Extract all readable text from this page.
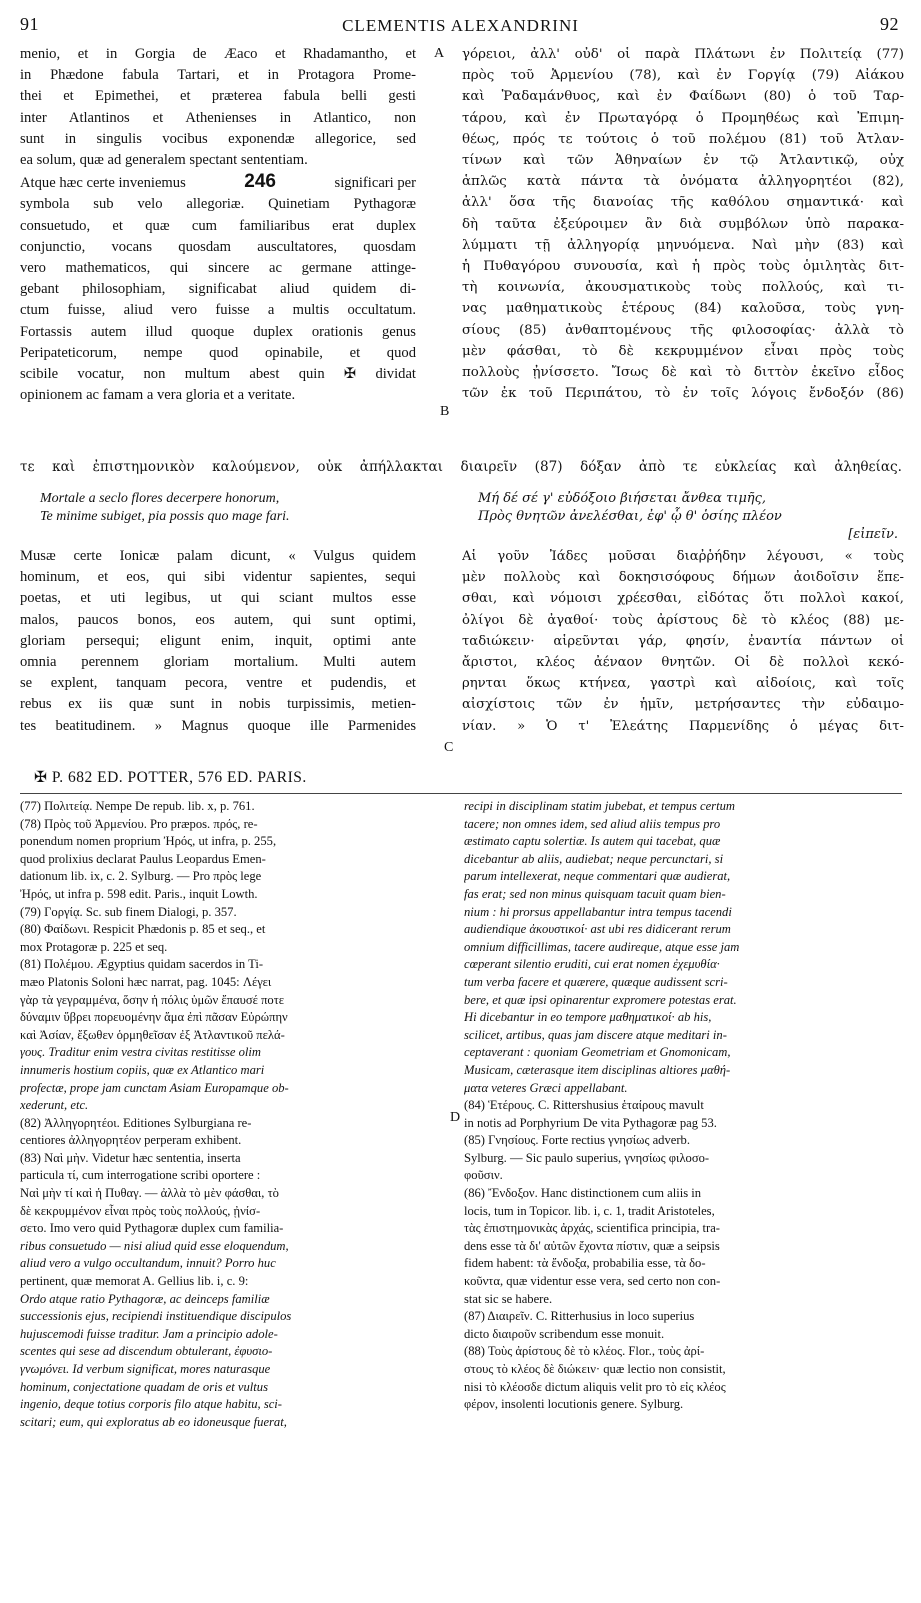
91	CLEMENTIS ALEXANDRINI	92
A
B
C
D
menio, et in Gorgia de Æaco et Rhadamantho, et
in Phædone fabula Tartari, et in Protagora Prome-
thei et Epimethei, et præterea fabula belli gesti
inter Atlantinos et Athenienses in Atlantico, non
sunt in singulis vocibus exponendæ allegorice, sed
ea solum, quæ ad generalem spectant sententiam.
Atque hæc certe inveniemus	246	significari per
symbola sub velo allegoriæ. Quinetiam Pythagoræ
consuetudo, et quæ cum familiaribus erat duplex
conjunctio, vocans quosdam auscultatores, quosdam
vero mathematicos, qui sincere ac germane attinge-
gebant philosophiam, significabat aliud quidem di-
ctum fuisse, aliud vero fuisse a multis occultatum.
Fortassis autem illud quoque duplex orationis genus
Peripateticorum, nempe quod opinabile, et quod
scibile vocatur, non multum abest quin ✠ dividat
opinionem ac famam a vera gloria et a veritate.
γόρειοι, ἀλλ' οὐδ' οἱ παρὰ Πλάτωνι ἐν Πολιτείᾳ (77)
πρὸς τοῦ Ἀρμενίου (78), καὶ ἐν Γοργίᾳ (79) Αἰάκου
καὶ Ῥαδαμάνθυος, καὶ ἐν Φαίδωνι (80) ὁ τοῦ Ταρ-
τάρου, καὶ ἐν Πρωταγόρᾳ ὁ Προμηθέως καὶ Ἐπιμη-
θέως, πρός τε τούτοις ὁ τοῦ πολέμου (81) τοῦ Ἀτλαν-
τίνων καὶ τῶν Ἀθηναίων ἐν τῷ Ἀτλαντικῷ, οὐχ
ἁπλῶς κατὰ πάντα τὰ ὀνόματα ἀλληγορητέοι (82),
ἀλλ' ὅσα τῆς διανοίας τῆς καθόλου σημαντικά· καὶ
δὴ ταῦτα ἐξεύροιμεν ἂν διὰ συμβόλων ὑπὸ παρακα-
λύμματι τῇ ἀλληγορίᾳ μηνυόμενα. Ναὶ μὴν (83) καὶ
ἡ Πυθαγόρου συνουσία, καὶ ἡ πρὸς τοὺς ὁμιλητὰς διτ-
τὴ κοινωνία, ἀκουσματικοὺς τοὺς πολλούς, καὶ τι-
νας μαθηματικοὺς ἑτέρους (84) καλοῦσα, τοὺς γνη-
σίους (85) ἀνθαπτομένους τῆς φιλοσοφίας· ἀλλὰ τὸ
μὲν φάσθαι, τὸ δὲ κεκρυμμένον εἶναι πρὸς τοὺς
πολλοὺς ᾐνίσσετο. Ἴσως δὲ καὶ τὸ διττὸν ἐκεῖνο εἶδος
τῶν ἐκ τοῦ Περιπάτου, τὸ ἐν τοῖς λόγοις ἔνδοξόν (86)
τε καὶ ἐπιστημονικὸν καλούμενον, οὐκ ἀπήλλακται διαιρεῖν (87) δόξαν ἀπὸ τε εὐκλείας καὶ ἀληθείας.
Mortale a seclo flores decerpere honorum,
Te minime subiget, pia possis quo mage fari.
Μή δέ σέ γ' εὐδόξοιο βιήσεται ἄνθεα τιμῆς,
Πρὸς θνητῶν ἀνελέσθαι, ἐφ' ᾧ θ' ὁσίης πλέον
[εἰπεῖν.
Musæ certe Ionicæ palam dicunt, « Vulgus quidem
hominum, et eos, qui sibi videntur sapientes, sequi
poetas, et uti legibus, ut qui sciant multos esse
malos, paucos bonos, eos autem, qui sunt optimi,
gloriam persequi; eligunt enim, inquit, optimi ante
omnia perennem gloriam mortalium. Multi autem
se explent, tanquam pecora, ventre et pudendis, et
rebus ex iis quæ sunt in nobis turpissimis, metien-
tes beatitudinem. » Magnus quoque ille Parmenides
Αἱ γοῦν Ἰάδες μοῦσαι διαῤῥήδην λέγουσι, « τοὺς
μὲν πολλοὺς καὶ δοκησισόφους δήμων ἀοιδοῖσιν ἕπε-
σθαι, καὶ νόμοισι χρέεσθαι, εἰδότας ὅτι πολλοὶ κακοί,
ὀλίγοι δὲ ἀγαθοί· τοὺς ἀρίστους δὲ τὸ κλέος (88) με-
ταδιώκειν· αἱρεῦνται γάρ, φησίν, ἐναντία πάντων οἱ
ἄριστοι, κλέος ἀέναον θνητῶν. Οἱ δὲ πολλοὶ κεκό-
ρηνται ὅκως κτήνεα, γαστρὶ καὶ αἰδοίοις, καὶ τοῖς
αἰσχίστοις τῶν ἐν ἡμῖν, μετρήσαντες τὴν εὐδαιμο-
νίαν. » Ὁ τ' Ἐλεάτης Παρμενίδης ὁ μέγας διτ-
✠ P. 682 ED. POTTER, 576 ED. PARIS.
(77) Πολιτείᾳ. Nempe De repub. lib. x, p. 761.
(78) Πρὸς τοῦ Ἀρμενίου. Pro præpos. πρός, re-
ponendum nomen proprium Ἠρός, ut infra, p. 255,
quod prolixius declarat Paulus Leopardus Emen-
dationum lib. ix, c. 2. Sylburg. — Pro πρὸς lege
Ἠρός, ut infra p. 598 edit. Paris., inquit Lowth.
(79) Γοργίᾳ. Sc. sub finem Dialogi, p. 357.
(80) Φαίδωνι. Respicit Phædonis p. 85 et seq., et
mox Protagoræ p. 225 et seq.
(81) Πολέμου. Ægyptius quidam sacerdos in Ti-
mæo Platonis Soloni hæc narrat, pag. 1045: Λέγει
γὰρ τὰ γεγραμμένα, ὅσην ἡ πόλις ὑμῶν ἔπαυσέ ποτε
δύναμιν ὕβρει πορευομένην ἅμα ἐπὶ πᾶσαν Εὐρώπην
καὶ Ἀσίαν, ἔξωθεν ὁρμηθεῖσαν ἐξ Ἀτλαντικοῦ πελά-
γους. Traditur enim vestra civitas restitisse olim
innumeris hostium copiis, quæ ex Atlantico mari
profectæ, prope jam cunctam Asiam Europamque ob-
xederunt, etc.
(82) Ἀλληγορητέοι. Editiones Sylburgiana re-
centiores ἀλληγορητέον perperam exhibent.
(83) Ναὶ μὴν. Videtur hæc sententia, inserta
particula τί, cum interrogatione scribi oportere :
Ναὶ μὴν τί καὶ ἡ Πυθαγ. — ἀλλὰ τὸ μὲν φάσθαι, τὸ
δὲ κεκρυμμένον εἶναι πρὸς τοὺς πολλούς, ᾐνίσ-
σετο. Imo vero quid Pythagoræ duplex cum familia-
ribus consuetudo — nisi aliud quid esse eloquendum,
aliud vero a vulgo occultandum, innuit? Porro huc
pertinent, quæ memorat A. Gellius lib. i, c. 9:
Ordo atque ratio Pythagoræ, ac deinceps familiæ
successionis ejus, recipiendi instituendique discipulos
hujuscemodi fuisse traditur. Jam a principio adole-
scentes qui sese ad discendum obtulerant, ἐφυσιο-
γνωμόνει. Id verbum significat, mores naturasque
hominum, conjectatione quadam de oris et vultus
ingenio, deque totius corporis filo atque habitu, sci-
scitari; eum, qui exploratus ab eo idoneusque fuerat,
recipi in disciplinam statim jubebat, et tempus certum
tacere; non omnes idem, sed aliud aliis tempus pro
æstimato captu solertiæ. Is autem qui tacebat, quæ
dicebantur ab aliis, audiebat; neque percunctari, si
parum intellexerat, neque commentari quæ audierat,
fas erat; sed non minus quisquam tacuit quam bien-
nium : hi prorsus appellabantur intra tempus tacendi
audiendique ἀκουστικοί· ast ubi res didicerant rerum
omnium difficillimas, tacere audireque, atque esse jam
cœperant silentio eruditi, cui erat nomen ἐχεμυθία·
tum verba facere et quærere, quæque audissent scri-
bere, et quæ ipsi opinarentur expromere potestas erat.
Hi dicebantur in eo tempore μαθηματικοί· ab his,
scilicet, artibus, quas jam discere atque meditari in-
ceptaverant : quoniam Geometriam et Gnomonicam,
Musicam, cæterasque item disciplinas altiores μαθή-
ματα veteres Græci appellabant.
(84) Ἑτέρους. C. Rittershusius ἑταίρους mavult
in notis ad Porphyrium De vita Pythagoræ pag 53.
(85) Γνησίους. Forte rectius γνησίως adverb.
Sylburg. — Sic paulo superius, γνησίως φιλοσο-
φοῦσιν.
(86) Ἔνδοξον. Hanc distinctionem cum aliis in
locis, tum in Topicor. lib. i, c. 1, tradit Aristoteles,
τὰς ἐπιστημονικὰς ἀρχάς, scientifica principia, tra-
dens esse τὰ δι' αὐτῶν ἔχοντα πίστιν, quæ a seipsis
fidem habent: τὰ ἔνδοξα, probabilia esse, τὰ δο-
κοῦντα, quæ videntur esse vera, sed certo non con-
stat sic se habere.
(87) Διαιρεῖν. C. Ritterhusius in loco superius
dicto διαιροῦν scribendum esse monuit.
(88) Τοὺς ἀρίστους δὲ τὸ κλέος. Flor., τοὺς ἀρί-
στους τὸ κλέος δὲ διώκειν· quæ lectio non consistit,
nisi τὸ κλέοσδε dictum aliquis velit pro τὸ εἰς κλέος
φέρον, insolenti locutionis genere. Sylburg.
